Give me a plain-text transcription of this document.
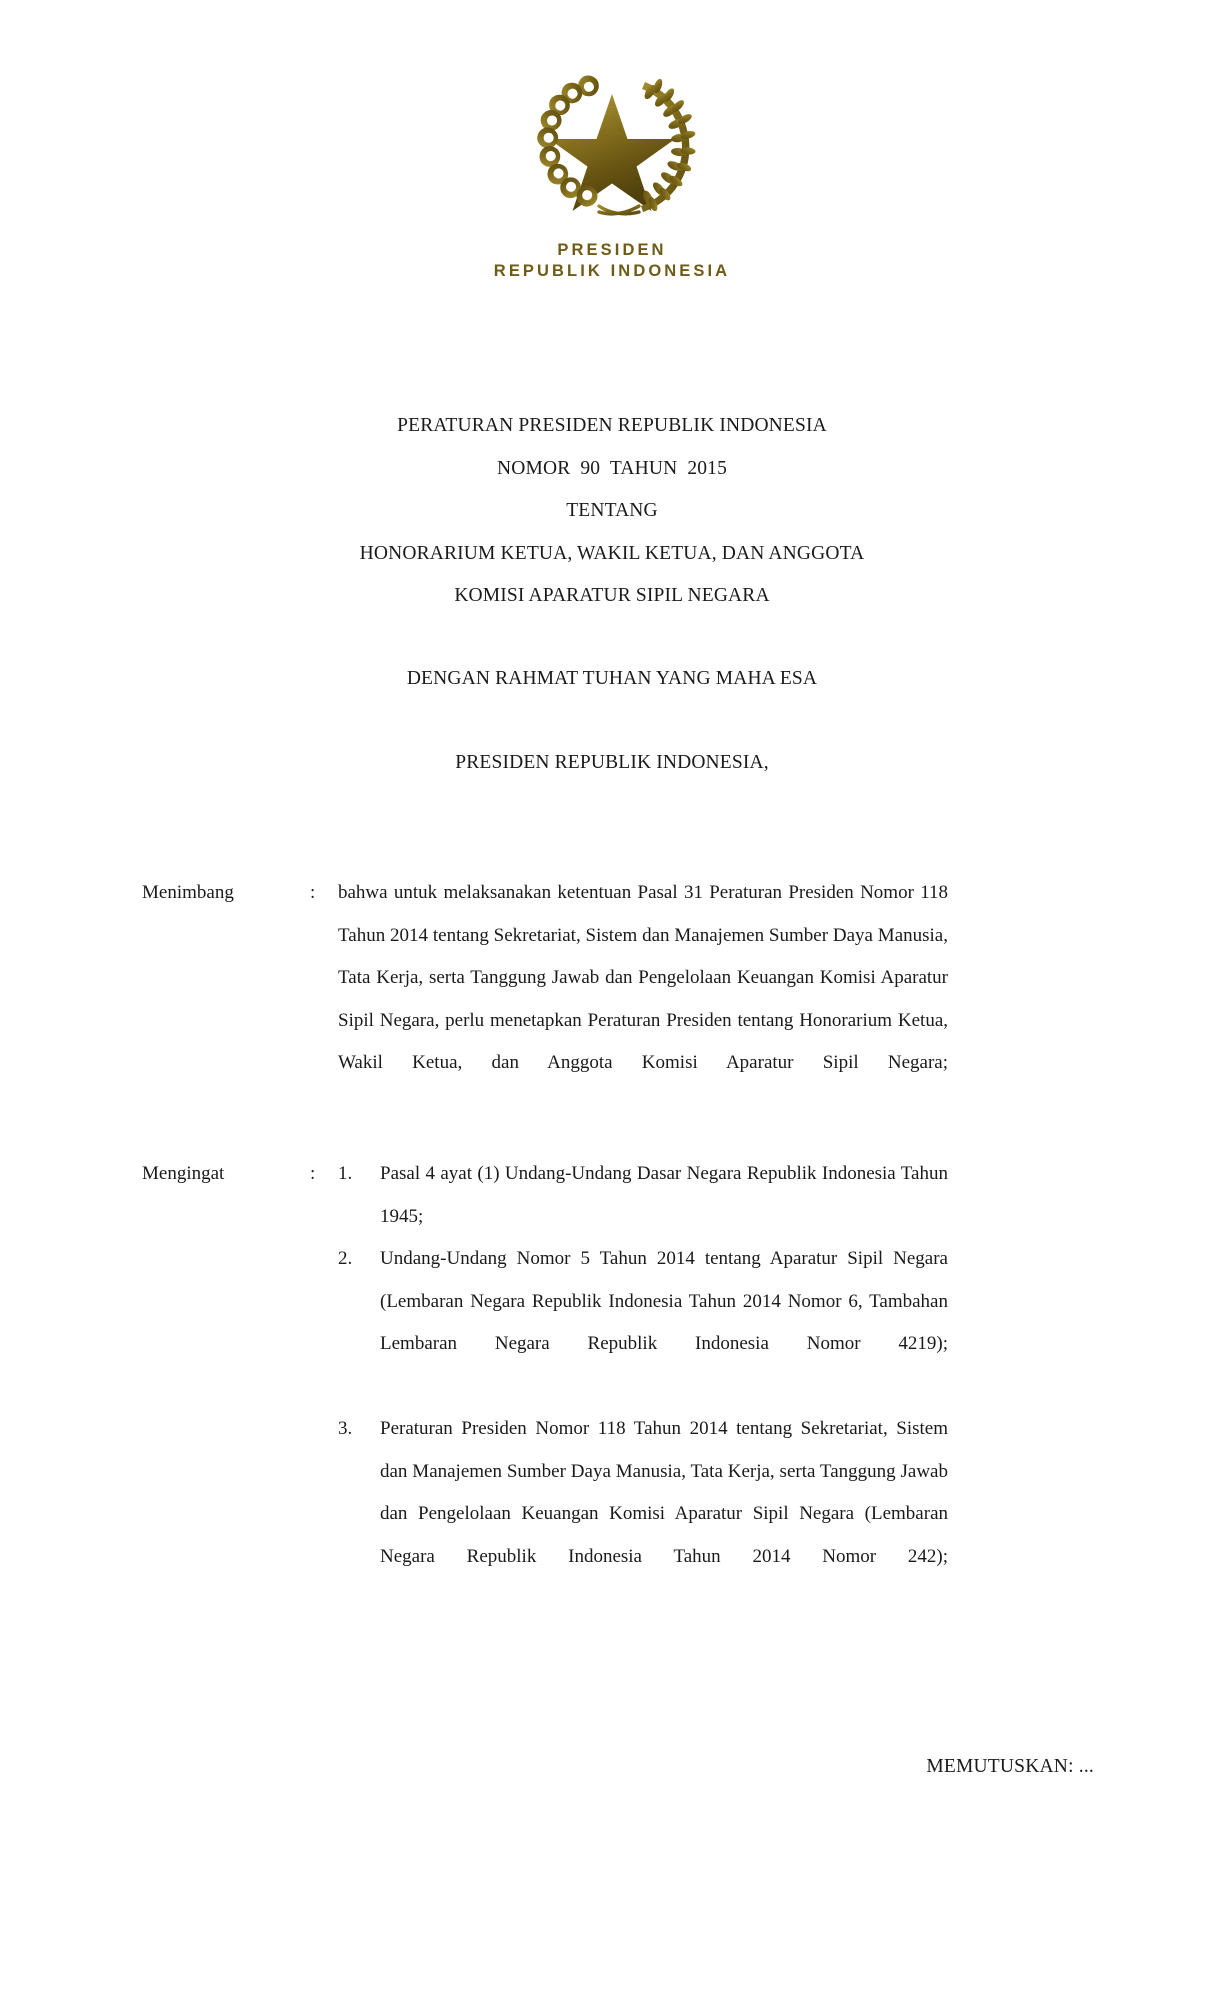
PRESIDEN
REPUBLIK INDONESIA
PERATURAN PRESIDEN REPUBLIK INDONESIA
NOMOR  90  TAHUN  2015
TENTANG
HONORARIUM KETUA, WAKIL KETUA, DAN ANGGOTA
KOMISI APARATUR SIPIL NEGARA
DENGAN RAHMAT TUHAN YANG MAHA ESA
PRESIDEN REPUBLIK INDONESIA,
Menimbang	:	bahwa untuk melaksanakan ketentuan Pasal 31 Peraturan Presiden Nomor 118 Tahun 2014 tentang Sekretariat, Sistem dan Manajemen Sumber Daya Manusia, Tata Kerja, serta Tanggung Jawab dan Pengelolaan Keuangan Komisi Aparatur Sipil Negara, perlu menetapkan Peraturan Presiden tentang Honorarium Ketua, Wakil Ketua, dan Anggota Komisi Aparatur Sipil Negara;

Mengingat	:	1.	Pasal 4 ayat (1) Undang-Undang Dasar Negara Republik Indonesia Tahun 1945;
2.	Undang-Undang Nomor 5 Tahun 2014 tentang Aparatur Sipil Negara (Lembaran Negara Republik Indonesia Tahun 2014 Nomor 6, Tambahan Lembaran Negara Republik Indonesia Nomor 4219);
3.	Peraturan Presiden Nomor 118 Tahun 2014 tentang Sekretariat, Sistem dan Manajemen Sumber Daya Manusia, Tata Kerja, serta Tanggung Jawab dan Pengelolaan Keuangan Komisi Aparatur Sipil Negara (Lembaran Negara Republik Indonesia Tahun 2014 Nomor 242);
MEMUTUSKAN: ...
